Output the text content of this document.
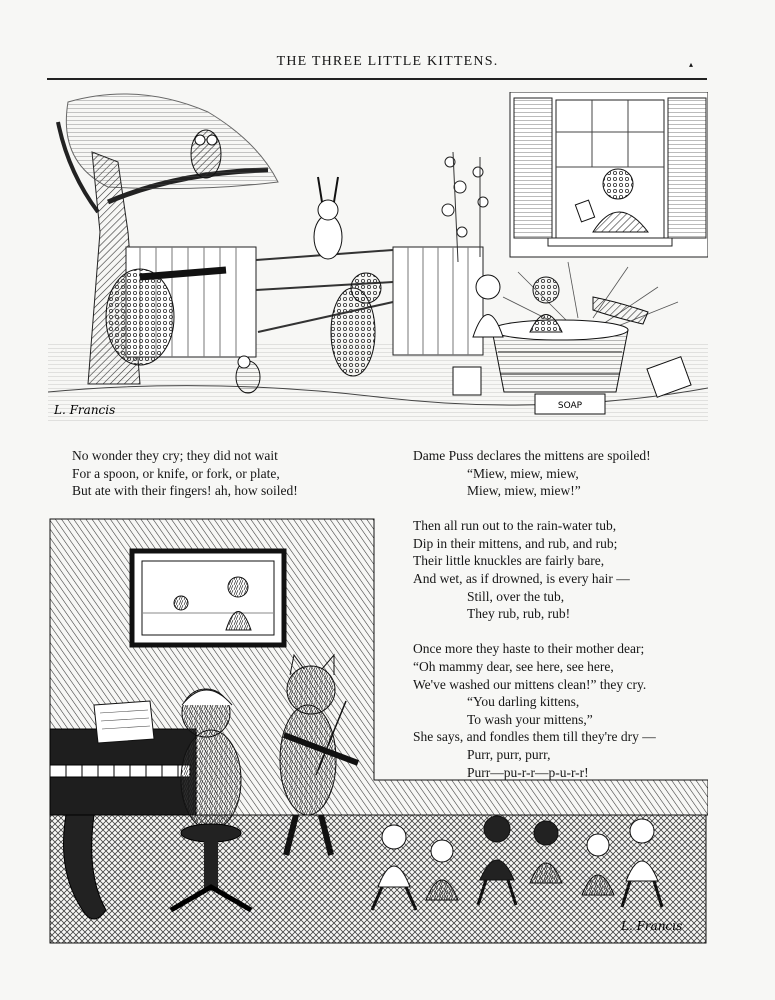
THE THREE LITTLE KITTENS.	▴
SOAP
L. Francis
No wonder they cry; they did not wait
For a spoon, or knife, or fork, or plate,
But ate with their fingers! ah, how soiled!
Dame Puss declares the mittens are spoiled!
“Miew, miew, miew,
Miew, miew, miew!”
Then all run out to the rain-water tub,
Dip in their mittens, and rub, and rub;
Their little knuckles are fairly bare,
And wet, as if drowned, is every hair —
Still, over the tub,
They rub, rub, rub!
Once more they haste to their mother dear;
“Oh mammy dear, see here, see here,
We've washed our mittens clean!” they cry.
“You darling kittens,
To wash your mittens,”
She says, and fondles them till they're dry —
Purr, purr, purr,
Purr—pu-r-r—p-u-r-r!
L. Francis
